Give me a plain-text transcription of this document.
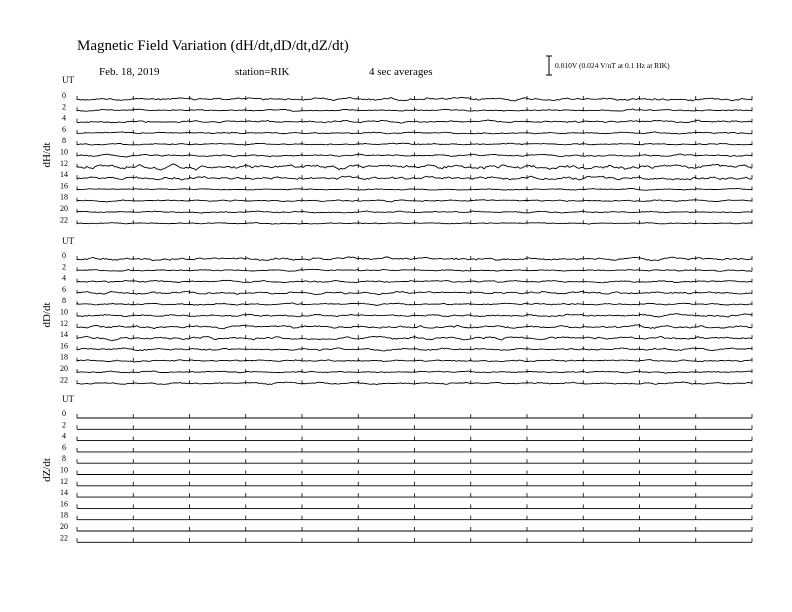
Magnetic Field Variation (dH/dt,dD/dt,dZ/dt)
Feb. 18, 2019	station=RIK	4 sec averages
0.010V (0.024 V/nT at 0.1 Hz at RIK)
UT
dH/dt
0
2
4
6
8
10
12
14
16
18
20
22
UT
dD/dt
0
2
4
6
8
10
12
14
16
18
20
22
UT
dZ/dt
0
2
4
6
8
10
12
14
16
18
20
22
